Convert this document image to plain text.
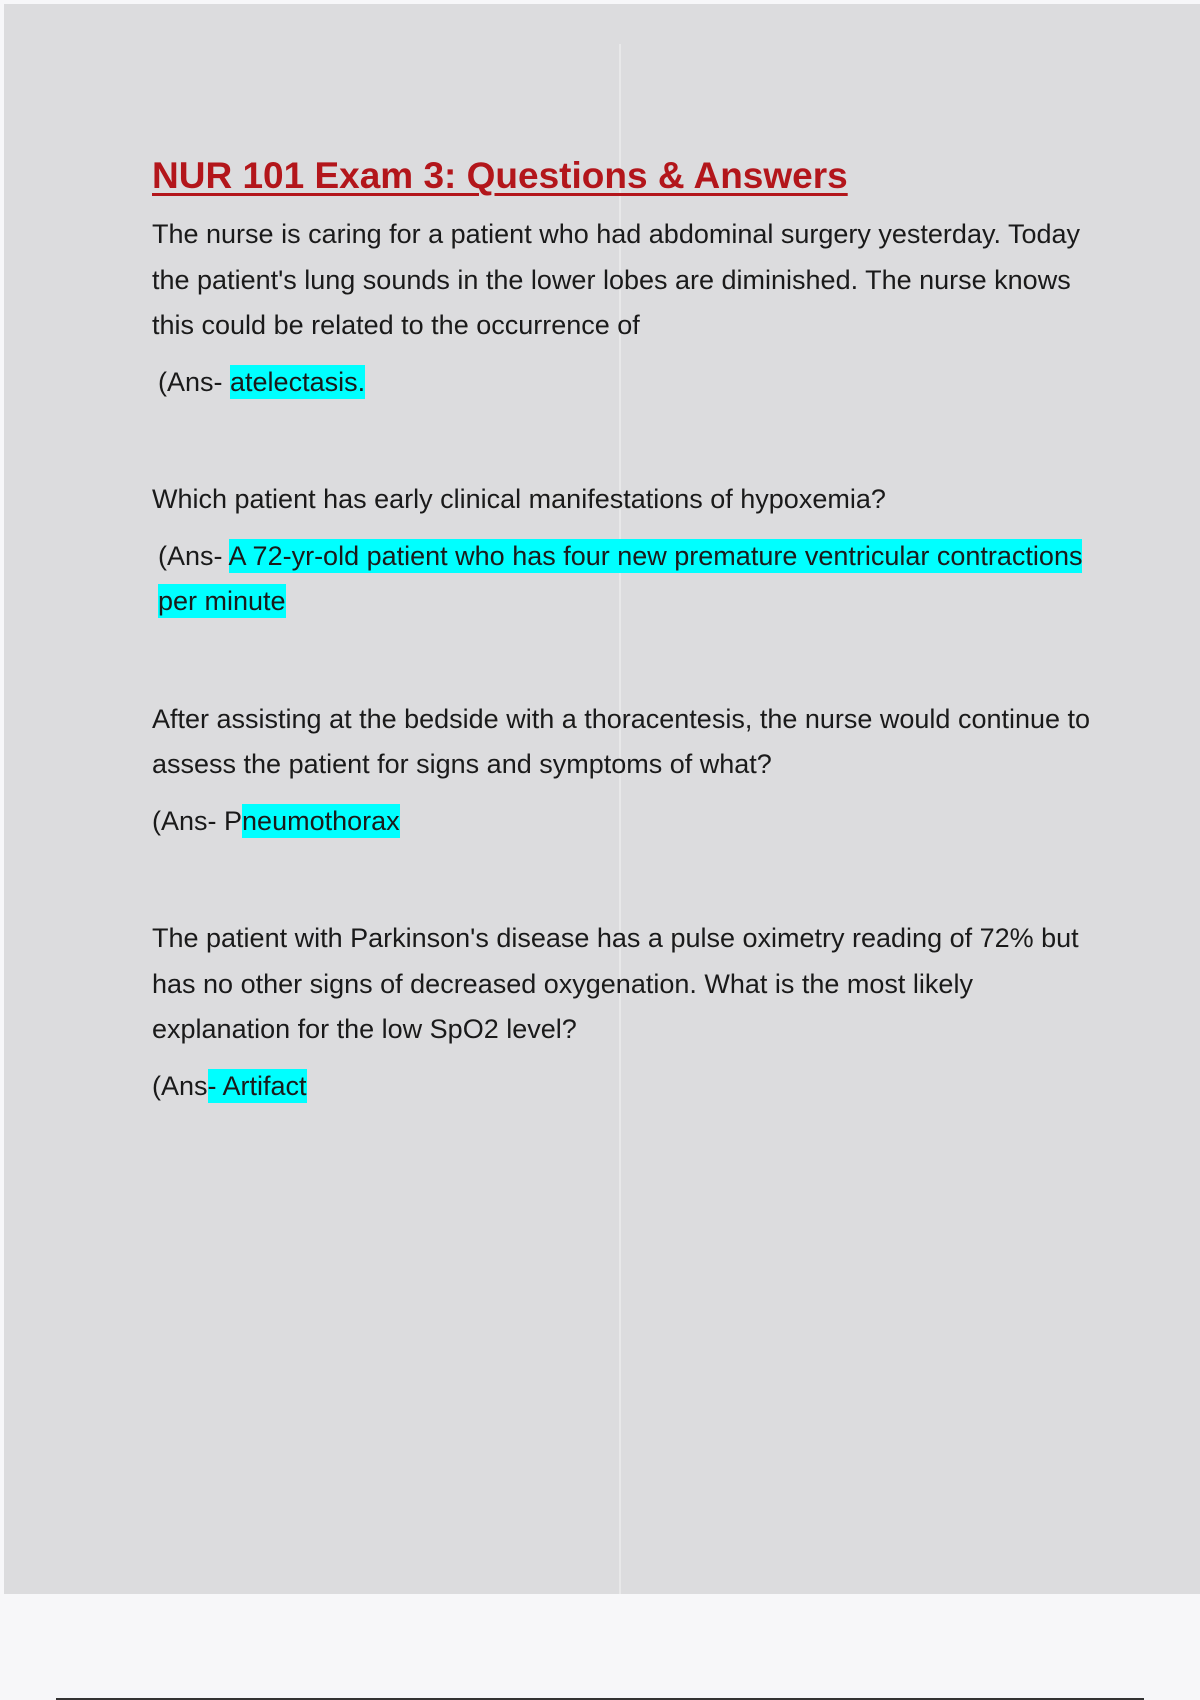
NUR 101 Exam 3: Questions & Answers

The nurse is caring for a patient who had abdominal surgery yesterday. Today the patient's lung sounds in the lower lobes are diminished. The nurse knows this could be related to the occurrence of

(Ans- atelectasis.

Which patient has early clinical manifestations of hypoxemia?

(Ans- A 72-yr-old patient who has four new premature ventricular contractions per minute

After assisting at the bedside with a thoracentesis, the nurse would continue to assess the patient for signs and symptoms of what?

(Ans- Pneumothorax

The patient with Parkinson's disease has a pulse oximetry reading of 72% but has no other signs of decreased oxygenation. What is the most likely explanation for the low SpO2 level?

(Ans- Artifact
